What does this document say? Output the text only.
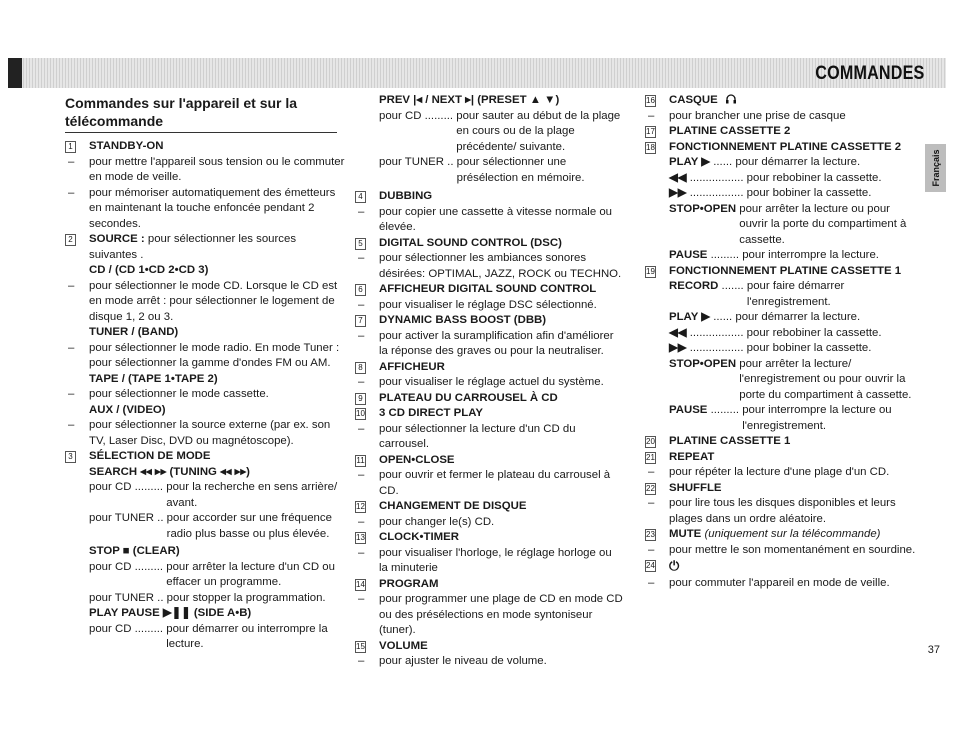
COMMANDES
Français
Commandes sur l'appareil et sur la
télécommande
1 STANDBY-ON
– pour mettre l'appareil sous tension ou le commuter en mode de veille.
– pour mémoriser automatiquement des émetteurs en maintenant la touche enfoncée pendant 2 secondes.
2 SOURCE : pour sélectionner les sources suivantes .
CD / (CD 1•CD 2•CD 3)
– pour sélectionner le mode CD. Lorsque le CD est en mode arrêt : pour sélectionner le logement de disque 1, 2 ou 3.
TUNER / (BAND)
– pour sélectionner le mode radio. En mode Tuner : pour sélectionner la gamme d'ondes FM ou AM.
TAPE / (TAPE 1•TAPE 2)
– pour sélectionner le mode cassette.
AUX / (VIDEO)
– pour sélectionner la source externe (par ex. son TV, Laser Disc, DVD ou magnétoscope).
3 SÉLECTION DE MODE
SEARCH ◂◂ ▸▸ (TUNING ◂◂ ▸▸)
pour CD ......... pour la recherche en sens arrière/ avant.
pour TUNER .. pour accorder sur une fréquence radio plus basse ou plus élevée.
STOP ■ (CLEAR)
pour CD ......... pour arrêter la lecture d'un CD ou effacer un programme.
pour TUNER .. pour stopper la programmation.
PLAY PAUSE ▶❚❚ (SIDE A•B)
pour CD ......... pour démarrer ou interrompre la lecture.
PREV |◂ / NEXT ▸| (PRESET ▲ ▼)
pour CD ......... pour sauter au début de la plage en cours ou de la plage précédente/ suivante.
pour TUNER .. pour sélectionner une présélection en mémoire.
4 DUBBING
– pour copier une cassette à vitesse normale ou élevée.
5 DIGITAL SOUND CONTROL (DSC)
– pour sélectionner les ambiances sonores désirées: OPTIMAL, JAZZ, ROCK ou TECHNO.
6 AFFICHEUR DIGITAL SOUND CONTROL
– pour visualiser le réglage DSC sélectionné.
7 DYNAMIC BASS BOOST (DBB)
– pour activer la suramplification afin d'améliorer la réponse des graves ou pour la neutraliser.
8 AFFICHEUR
– pour visualiser le réglage actuel du système.
9 PLATEAU DU CARROUSEL À CD
10 3 CD DIRECT PLAY
– pour sélectionner la lecture d'un CD du carrousel.
11 OPEN•CLOSE
– pour ouvrir et fermer le plateau du carrousel à CD.
12 CHANGEMENT DE DISQUE
– pour changer le(s) CD.
13 CLOCK•TIMER
– pour visualiser l'horloge, le réglage horloge ou la minuterie
14 PROGRAM
– pour programmer une plage de CD en mode CD ou des présélections en mode syntoniseur (tuner).
15 VOLUME
– pour ajuster le niveau de volume.
16 CASQUE
– pour brancher une prise de casque
17 PLATINE CASSETTE 2
18 FONCTIONNEMENT PLATINE CASSETTE 2
PLAY ▶ ...... pour démarrer la lecture.
◀◀ ................. pour rebobiner la cassette.
▶▶ ................. pour bobiner la cassette.
STOP•OPEN pour arrêter la lecture ou pour ouvrir la porte du compartiment à cassette.
PAUSE ......... pour interrompre la lecture.
19 FONCTIONNEMENT PLATINE CASSETTE 1
RECORD ....... pour faire démarrer l'enregistrement.
PLAY ▶ ...... pour démarrer la lecture.
◀◀ ................. pour rebobiner la cassette.
▶▶ ................. pour bobiner la cassette.
STOP•OPEN pour arrêter la lecture/ l'enregistrement ou pour ouvrir la porte du compartiment à cassette.
PAUSE ......... pour interrompre la lecture ou l'enregistrement.
20 PLATINE CASSETTE 1
21 REPEAT
– pour répéter la lecture d'une plage d'un CD.
22 SHUFFLE
– pour lire tous les disques disponibles et leurs plages dans un ordre aléatoire.
23 MUTE (uniquement sur la télécommande)
– pour mettre le son momentanément en sourdine.
24 ⏻
– pour commuter l'appareil en mode de veille.
37
